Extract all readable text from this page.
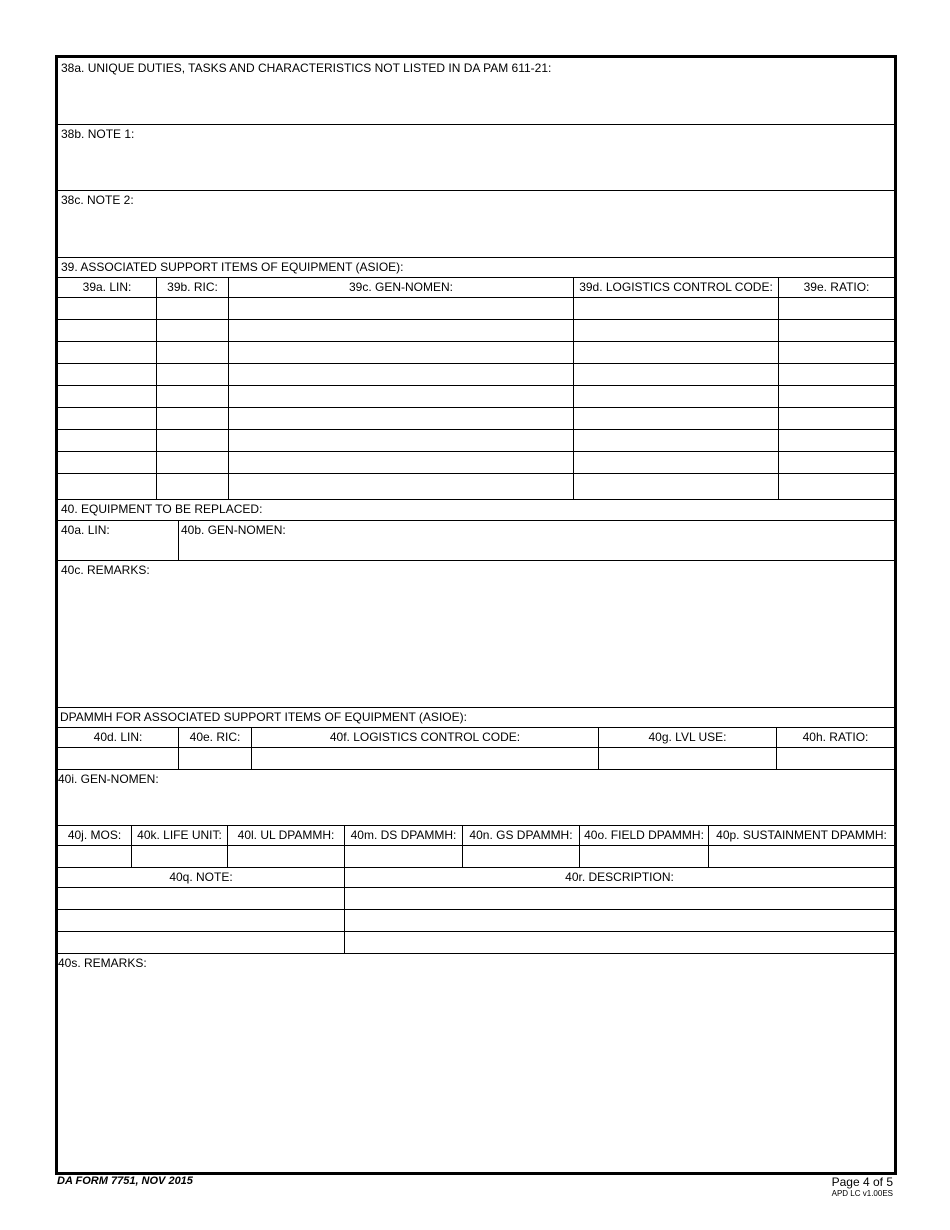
38a. UNIQUE DUTIES, TASKS AND CHARACTERISTICS NOT LISTED IN DA PAM 611-21:
38b. NOTE 1:
38c. NOTE 2:
39. ASSOCIATED SUPPORT ITEMS OF EQUIPMENT (ASIOE):
39a. LIN:	39b. RIC:	39c. GEN-NOMEN:	39d. LOGISTICS CONTROL CODE:	39e. RATIO:
40. EQUIPMENT TO BE REPLACED:
40a. LIN:	40b. GEN-NOMEN:
40c. REMARKS:
DPAMMH FOR ASSOCIATED SUPPORT ITEMS OF EQUIPMENT (ASIOE):
40d. LIN:	40e. RIC:	40f. LOGISTICS CONTROL CODE:	40g. LVL USE:	40h. RATIO:
40i. GEN-NOMEN:
40j. MOS:	40k. LIFE UNIT:	40l. UL DPAMMH:	40m. DS DPAMMH:	40n. GS DPAMMH: 40o. FIELD DPAMMH:	40p. SUSTAINMENT DPAMMH:
40q. NOTE:	40r. DESCRIPTION:
40s. REMARKS:
DA FORM 7751, NOV 2015	Page 4 of 5
APD LC v1.00ES
